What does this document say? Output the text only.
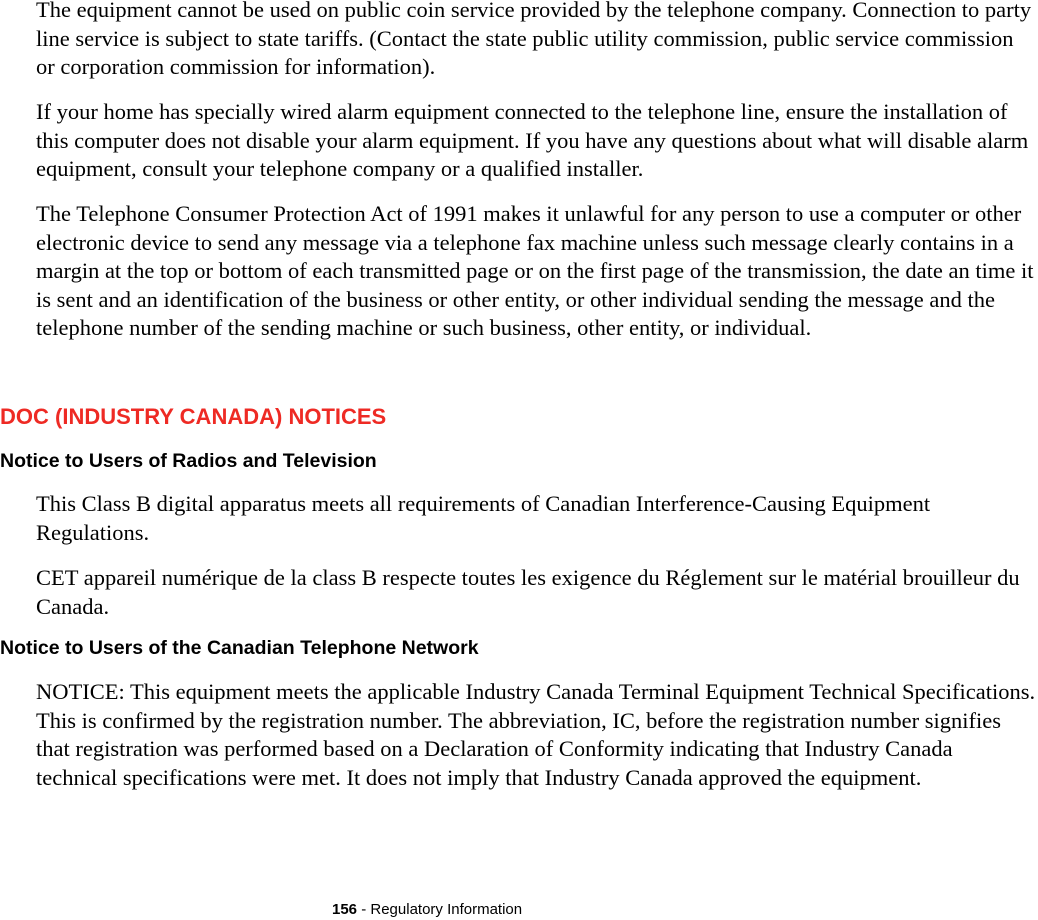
The equipment cannot be used on public coin service provided by the telephone company. Connection to party line service is subject to state tariffs. (Contact the state public utility commission, public service commission or corporation commission for information).

If your home has specially wired alarm equipment connected to the telephone line, ensure the installation of this computer does not disable your alarm equipment. If you have any questions about what will disable alarm equipment, consult your telephone company or a qualified installer.

The Telephone Consumer Protection Act of 1991 makes it unlawful for any person to use a computer or other electronic device to send any message via a telephone fax machine unless such message clearly contains in a margin at the top or bottom of each transmitted page or on the first page of the transmission, the date an time it is sent and an identification of the business or other entity, or other individual sending the message and the telephone number of the sending machine or such business, other entity, or individual.

DOC (INDUSTRY CANADA) NOTICES
Notice to Users of Radios and Television

This Class B digital apparatus meets all requirements of Canadian Interference-Causing Equipment Regulations.

CET appareil numérique de la class B respecte toutes les exigence du Réglement sur le matérial brouilleur du Canada.

Notice to Users of the Canadian Telephone Network

NOTICE: This equipment meets the applicable Industry Canada Terminal Equipment Technical Specifications. This is confirmed by the registration number. The abbreviation, IC, before the registration number signifies that registration was performed based on a Declaration of Conformity indicating that Industry Canada technical specifications were met. It does not imply that Industry Canada approved the equipment.

156 - Regulatory Information
